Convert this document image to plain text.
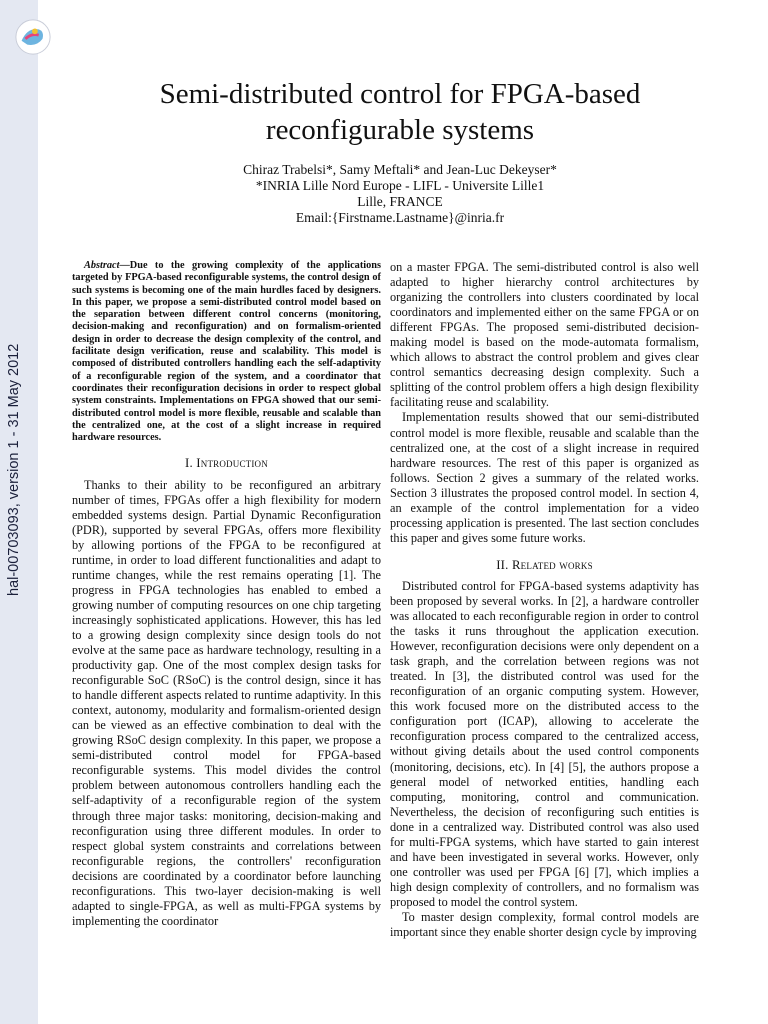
hal-00703093, version 1 - 31 May 2012
Semi-distributed control for FPGA-based
reconfigurable systems
Chiraz Trabelsi*, Samy Meftali* and Jean-Luc Dekeyser*
*INRIA Lille Nord Europe - LIFL - Universite Lille1
Lille, FRANCE
Email:{Firstname.Lastname}@inria.fr

Abstract—Due to the growing complexity of the applications targeted by FPGA-based reconfigurable systems, the control design of such systems is becoming one of the main hurdles faced by designers. In this paper, we propose a semi-distributed control model based on the separation between different control concerns (monitoring, decision-making and reconfiguration) and on formalism-oriented design in order to decrease the design complexity of the control, and facilitate design verification, reuse and scalability. This model is composed of distributed controllers handling each the self-adaptivity of a reconfigurable region of the system, and a coordinator that coordinates their reconfiguration decisions in order to respect global system constraints. Implementations on FPGA showed that our semi-distributed control model is more flexible, reusable and scalable than the centralized one, at the cost of a slight increase in required hardware resources.

I. Introduction

Thanks to their ability to be reconfigured an arbitrary number of times, FPGAs offer a high flexibility for modern embedded systems design. Partial Dynamic Reconfiguration (PDR), supported by several FPGAs, offers more flexibility by allowing portions of the FPGA to be reconfigured at runtime, in order to load different functionalities and adapt to runtime changes, while the rest remains operating [1]. The progress in FPGA technologies has enabled to embed a growing number of computing resources on one chip targeting increasingly sophisticated applications. However, this has led to a growing design complexity since design tools do not evolve at the same pace as hardware technology, resulting in a productivity gap. One of the most complex design tasks for reconfigurable SoC (RSoC) is the control design, since it has to handle different aspects related to runtime adaptivity. In this context, autonomy, modularity and formalism-oriented design can be viewed as an effective combination to deal with the growing RSoC design complexity. In this paper, we propose a semi-distributed control model for FPGA-based reconfigurable systems. This model divides the control problem between autonomous controllers handling each the self-adaptivity of a reconfigurable region of the system through three major tasks: monitoring, decision-making and reconfiguration using three different modules. In order to respect global system constraints and correlations between reconfigurable regions, the controllers' reconfiguration decisions are coordinated by a coordinator before launching reconfigurations. This two-layer decision-making is well adapted to single-FPGA, as well as multi-FPGA systems by implementing the coordinator

on a master FPGA. The semi-distributed control is also well adapted to higher hierarchy control architectures by organizing the controllers into clusters coordinated by local coordinators and implemented either on the same FPGA or on different FPGAs. The proposed semi-distributed decision-making model is based on the mode-automata formalism, which allows to abstract the control problem and gives clear control semantics decreasing design complexity. Such a splitting of the control problem offers a high design flexibility facilitating reuse and scalability.

Implementation results showed that our semi-distributed control model is more flexible, reusable and scalable than the centralized one, at the cost of a slight increase in required hardware resources. The rest of this paper is organized as follows. Section 2 gives a summary of the related works. Section 3 illustrates the proposed control model. In section 4, an example of the control implementation for a video processing application is presented. The last section concludes this paper and gives some future works.

II. Related works

Distributed control for FPGA-based systems adaptivity has been proposed by several works. In [2], a hardware controller was allocated to each reconfigurable region in order to control the tasks it runs throughout the application execution. However, reconfiguration decisions were only dependent on a task graph, and the correlation between regions was not treated. In [3], the distributed control was used for the reconfiguration of an organic computing system. However, this work focused more on the distributed access to the configuration port (ICAP), allowing to accelerate the reconfiguration process compared to the centralized access, without giving details about the used control components (monitoring, decisions, etc). In [4] [5], the authors propose a general model of networked entities, handling each computing, monitoring, control and communication. Nevertheless, the decision of reconfiguring such entities is done in a centralized way. Distributed control was also used for multi-FPGA systems, which have started to gain interest and have been investigated in several works. However, only one controller was used per FPGA [6] [7], which implies a high design complexity of controllers, and no formalism was proposed to model the control system.

To master design complexity, formal control models are important since they enable shorter design cycle by improving
